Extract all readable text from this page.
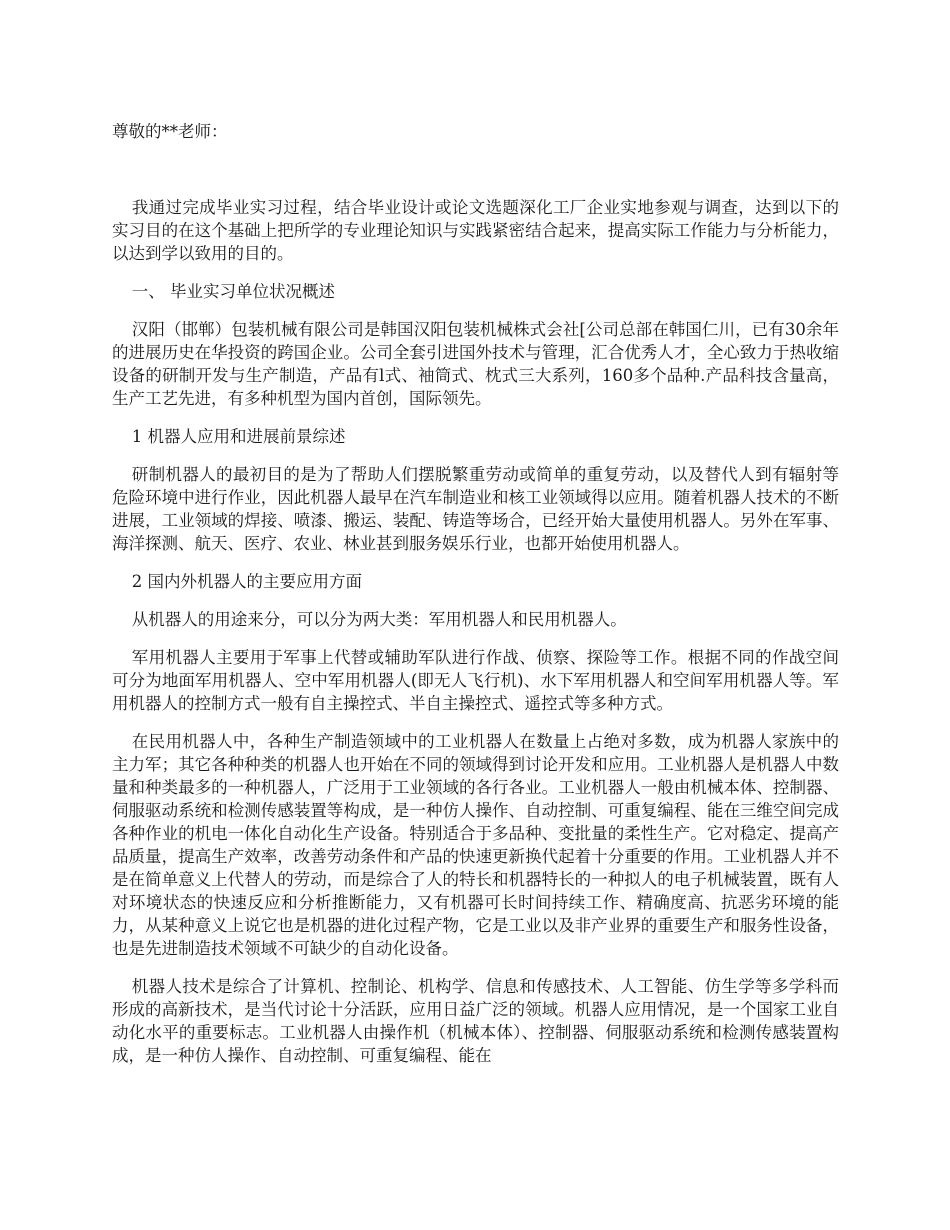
尊敬的**老师：

我通过完成毕业实习过程，结合毕业设计或论文选题深化工厂企业实地参观与调查，达到以下的实习目的在这个基础上把所学的专业理论知识与实践紧密结合起来，提高实际工作能力与分析能力，以达到学以致用的目的。

一、 毕业实习单位状况概述

汉阳（邯郸）包装机械有限公司是韩国汉阳包装机械株式会社[公司总部在韩国仁川，已有30余年的进展历史在华投资的跨国企业。公司全套引进国外技术与管理，汇合优秀人才，全心致力于热收缩设备的研制开发与生产制造，产品有l式、袖筒式、枕式三大系列，160多个品种.产品科技含量高，生产工艺先进，有多种机型为国内首创，国际领先。

1 机器人应用和进展前景综述

研制机器人的最初目的是为了帮助人们摆脱繁重劳动或简单的重复劳动，以及替代人到有辐射等危险环境中进行作业，因此机器人最早在汽车制造业和核工业领域得以应用。随着机器人技术的不断进展，工业领域的焊接、喷漆、搬运、装配、铸造等场合，已经开始大量使用机器人。另外在军事、海洋探测、航天、医疗、农业、林业甚到服务娱乐行业，也都开始使用机器人。

2 国内外机器人的主要应用方面

从机器人的用途来分，可以分为两大类：军用机器人和民用机器人。

军用机器人主要用于军事上代替或辅助军队进行作战、侦察、探险等工作。根据不同的作战空间可分为地面军用机器人、空中军用机器人(即无人飞行机)、水下军用机器人和空间军用机器人等。军用机器人的控制方式一般有自主操控式、半自主操控式、遥控式等多种方式。

在民用机器人中，各种生产制造领域中的工业机器人在数量上占绝对多数，成为机器人家族中的主力军；其它各种种类的机器人也开始在不同的领域得到讨论开发和应用。工业机器人是机器人中数量和种类最多的一种机器人，广泛用于工业领域的各行各业。工业机器人一般由机械本体、控制器、伺服驱动系统和检测传感装置等构成，是一种仿人操作、自动控制、可重复编程、能在三维空间完成各种作业的机电一体化自动化生产设备。特别适合于多品种、变批量的柔性生产。它对稳定、提高产品质量，提高生产效率，改善劳动条件和产品的快速更新换代起着十分重要的作用。工业机器人并不是在简单意义上代替人的劳动，而是综合了人的特长和机器特长的一种拟人的电子机械装置，既有人对环境状态的快速反应和分析推断能力，又有机器可长时间持续工作、精确度高、抗恶劣环境的能力，从某种意义上说它也是机器的进化过程产物，它是工业以及非产业界的重要生产和服务性设备，也是先进制造技术领域不可缺少的自动化设备。

机器人技术是综合了计算机、控制论、机构学、信息和传感技术、人工智能、仿生学等多学科而形成的高新技术，是当代讨论十分活跃，应用日益广泛的领域。机器人应用情况，是一个国家工业自动化水平的重要标志。工业机器人由操作机（机械本体）、控制器、伺服驱动系统和检测传感装置构成，是一种仿人操作、自动控制、可重复编程、能在
